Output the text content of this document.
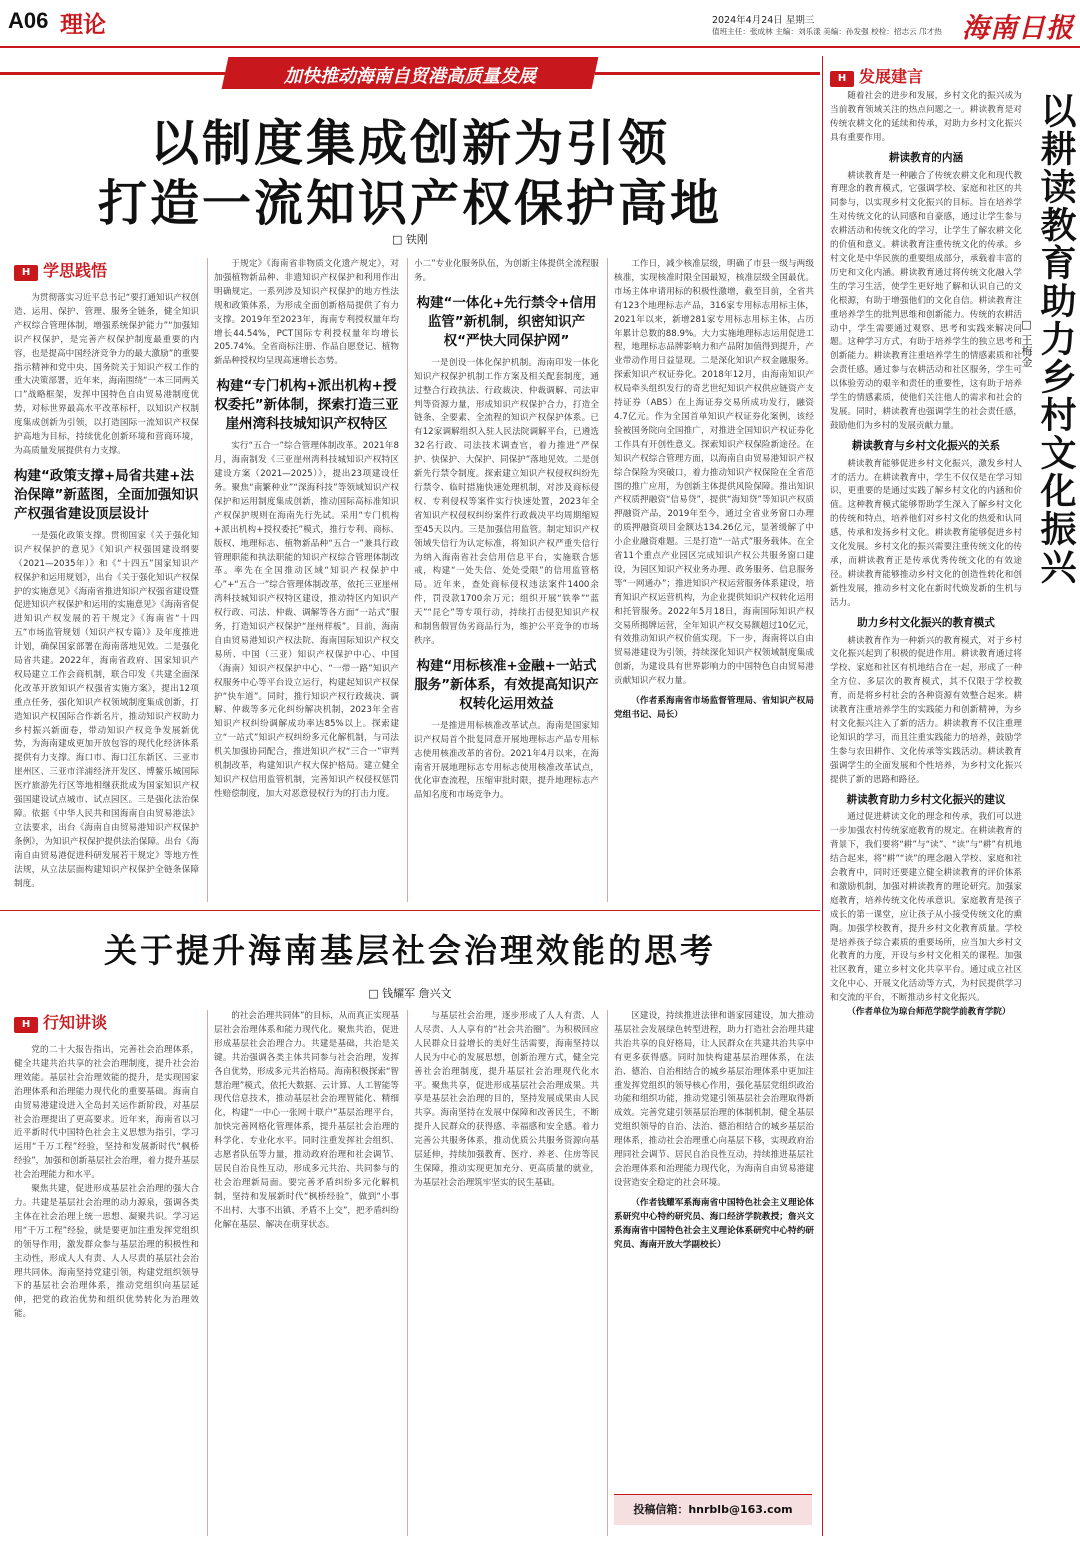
A06 理论	2024年4月24日 星期三
值班主任：张成林 主编：刘乐漾 美编：孙发强 校检：招志云 邝才热 海南日报
加快推动海南自贸港高质量发展
以制度集成创新为引领
打造一流知识产权保护高地
□ 铁刚
H 学思践悟

为贯彻落实习近平总书记“要打通知识产权创造、运用、保护、管理、服务全链条，健全知识产权综合管理体制，增强系统保护能力”“加强知识产权保护，是完善产权保护制度最重要的内容，也是提高中国经济竞争力的最大激励”的重要指示精神和党中央、国务院关于知识产权工作的重大决策部署，近年来，海南围绕“一本三同两关口”战略框架，发挥中国特色自由贸易港制度优势，对标世界最高水平改革标杆，以知识产权制度集成创新为引领，以打造国际一流知识产权保护高地为目标，持续优化创新环境和营商环境，为高质量发展提供有力支撑。

构建“政策支撑+局省共建+法治保障”新蓝图，全面加强知识产权强省建设顶层设计

一是强化政策支撑。贯彻国家《关于强化知识产权保护的意见》《知识产权强国建设纲要（2021—2035年）》和《“十四五”国家知识产权保护和运用规划》，出台《关于强化知识产权保护的实施意见》《海南省推进知识产权强省建设暨促进知识产权保护和运用的实施意见》《海南省促进知识产权发展的若干规定》《海南省“十四五”市场监管规划（知识产权专篇）》及年度推进计划，确保国家部署在海南落地见效。二是强化局省共建。2022年，海南省政府、国家知识产权局建立工作会商机制，联合印发《共建全面深化改革开放知识产权强省实施方案》，提出12项重点任务，强化知识产权领域制度集成创新，打造知识产权国际合作新名片，推动知识产权助力乡村振兴新面卷，带动知识产权竞争发展新优势，为海南建成更加开放包容的现代化经济体系提供有力支撑。海口市、海口江东新区、三亚市崖州区、三亚市洋浦经济开发区、博鳌乐城国际医疗旅游先行区等地相继获批成为国家知识产权强国建设试点城市、试点园区。三是强化法治保障。依据《中华人民共和国海南自由贸易港法》立法要求，出台《海南自由贸易港知识产权保护条例》，为知识产权保护提供法治保障。出台《海南自由贸易港促进科研发展若干规定》等地方性法规，从立法层面构建知识产权保护全链条保障制度。

于规定》《海南省非物质文化遗产规定》，对加强植物新品种、非遗知识产权保护和利用作出明确规定。一系列涉及知识产权保护的地方性法规和政策体系，为形成全面创新格局提供了有力支撑。2019年至2023年，海南专利授权量年均增长44.54%，PCT国际专利授权量年均增长205.74%。全省商标注册、作品自愿登记、植物新品种授权均呈现高速增长态势。

构建“专门机构+派出机构+授权委托”新体制，探索打造三亚崖州湾科技城知识产权特区

实行“五合一”综合管理体制改革。2021年8月，海南制发《三亚崖州湾科技城知识产权特区建设方案（2021—2025）》，提出23项建设任务。聚焦“南繁种业”“深海科技”等领域知识产权保护和运用制度集成创新，推动国际高标准知识产权保护规则在海南先行先试。采用“专门机构+派出机构+授权委托”模式，推行专利、商标、版权、地理标志、植物新品种“五合一”兼具行政管理职能和执法职能的知识产权综合管理体制改革。率先在全国推动区域“知识产权保护中心”+“五合一”综合管理体制改革，依托三亚崖州湾科技城知识产权特区建设，推动特区内知识产权行政、司法、仲裁、调解等各方面“一站式”服务，打造知识产权保护“崖州样板”。目前，海南自由贸易港知识产权法院、海南国际知识产权交易所、中国（三亚）知识产权保护中心、中国（海南）知识产权保护中心、“一带一路”知识产权服务中心等平台设立运行，构建起知识产权保护“快车道”。同时，推行知识产权行政裁决、调解、仲裁等多元化纠纷解决机制，2023年全省知识产权纠纷调解成功率达85%以上。探索建立“一站式”知识产权纠纷多元化解机制，与司法机关加强协同配合，推进知识产权“三合一”审判机制改革，构建知识产权大保护格局。建立健全知识产权信用监管机制，完善知识产权侵权惩罚性赔偿制度，加大对恶意侵权行为的打击力度。

小二”专业化服务队伍，为创新主体提供全流程服务。

构建“一体化+先行禁令+信用监管”新机制，织密知识产权“严快大同保护网”

一是创设一体化保护机制。海南印发一体化知识产权保护机制工作方案及相关配套制度，通过整合行政执法、行政裁决、仲裁调解、司法审判等资源力量，形成知识产权保护合力，打造全链条、全要素、全流程的知识产权保护体系。已有12家调解组织入驻人民法院调解平台，已遴选32名行政、司法技术调查官，着力推进“严保护、快保护、大保护、同保护”落地见效。二是创新先行禁令制度。探索建立知识产权侵权纠纷先行禁令、临时措施快速处理机制，对涉及商标侵权、专利侵权等案件实行快速处置，2023年全省知识产权侵权纠纷案件行政裁决平均周期缩短至45天以内。三是加强信用监管。制定知识产权领域失信行为认定标准，将知识产权严重失信行为纳入海南省社会信用信息平台，实施联合惩戒，构建“一处失信、处处受限”的信用监管格局。近年来，查处商标侵权违法案件1400余件，罚没款1700余万元；组织开展“铁拳”“蓝天”“昆仑”等专项行动，持续打击侵犯知识产权和制售假冒伪劣商品行为，维护公平竞争的市场秩序。

构建“用标核准+金融+一站式服务”新体系，有效提高知识产权转化运用效益

一是推进用标核准改革试点。海南是国家知识产权局首个批复同意开展地理标志产品专用标志使用核准改革的省份。2021年4月以来，在海南省开展地理标志专用标志使用核准改革试点，优化审查流程，压缩审批时限，提升地理标志产品知名度和市场竞争力。

工作日，减少核准层级，明确了市县一级与两级核准，实现核准时限全国最短，核准层级全国最优。市场主体申请用标的积极性激增，截至目前，全省共有123个地理标志产品，316家专用标志用标主体，2021年以来，新增281家专用标志用标主体，占历年累计总数的88.9%。大力实施地理标志运用促进工程，地理标志品牌影响力和产品附加值得到提升，产业带动作用日益显现。二是深化知识产权金融服务。探索知识产权证券化。2018年12月，由海南知识产权局牵头组织发行的奇艺世纪知识产权供应链资产支持证券（ABS）在上海证券交易所成功发行，融资4.7亿元。作为全国首单知识产权证券化案例，该经验被国务院向全国推广，对推进全国知识产权证券化工作具有开创性意义。探索知识产权保险新途径。在知识产权综合管理方面，以海南自由贸易港知识产权综合保险为突破口，着力推动知识产权保险在全省范围的推广应用，为创新主体提供风险保障。推出知识产权质押融资“信易贷”，提供“海知贷”等知识产权质押融资产品，2019年至今，通过全省业务窗口办理的质押融资项目金额达134.26亿元，显著缓解了中小企业融资难题。三是打造“一站式”服务载体。在全省11个重点产业园区完成知识产权公共服务窗口建设，为园区知识产权业务办理、政务服务、信息服务等“一网通办”；推进知识产权运营服务体系建设，培育知识产权运营机构，为企业提供知识产权转化运用和托管服务。2022年5月18日，海南国际知识产权交易所揭牌运营，全年知识产权交易额超过10亿元，有效推动知识产权价值实现。下一步，海南将以自由贸易港建设为引领，持续深化知识产权领域制度集成创新，为建设具有世界影响力的中国特色自由贸易港贡献知识产权力量。

（作者系海南省市场监督管理局、省知识产权局党组书记、局长）

关于提升海南基层社会治理效能的思考
□ 钱耀军 詹兴文
H 行知讲谈

党的二十大报告指出，完善社会治理体系，健全共建共治共享的社会治理制度，提升社会治理效能。基层社会治理效能的提升，是实现国家治理体系和治理能力现代化的重要基础。海南自由贸易港建设进入全岛封关运作新阶段，对基层社会治理提出了更高要求。近年来，海南省以习近平新时代中国特色社会主义思想为指引，学习运用“千万工程”经验，坚持和发展新时代“枫桥经验”，加强和创新基层社会治理，着力提升基层社会治理能力和水平。

聚焦共建，促进形成基层社会治理的强大合力。共建是基层社会治理的动力源泉，强调各类主体在社会治理上统一思想、凝聚共识。学习运用“千万工程”经验，就是要更加注重发挥党组织的领导作用，激发群众参与基层治理的积极性和主动性，形成人人有责、人人尽责的基层社会治理共同体。海南坚持党建引领，构建党组织领导下的基层社会治理体系，推动党组织向基层延伸，把党的政治优势和组织优势转化为治理效能。

的社会治理共同体”的目标，从而真正实现基层社会治理体系和能力现代化。聚焦共治，促进形成基层社会治理合力。共建是基础，共治是关键。共治强调各类主体共同参与社会治理，发挥各自优势，形成多元共治格局。海南积极探索“智慧治理”模式，依托大数据、云计算、人工智能等现代信息技术，推动基层社会治理智能化、精细化，构建“一中心一张网十联户”基层治理平台，加快完善网格化管理体系，提升基层社会治理的科学化、专业化水平。同时注重发挥社会组织、志愿者队伍等力量，推动政府治理和社会调节、居民自治良性互动，形成多元共治、共同参与的社会治理新局面。要完善矛盾纠纷多元化解机制，坚持和发展新时代“枫桥经验”，做到“小事不出村、大事不出镇、矛盾不上交”，把矛盾纠纷化解在基层、解决在萌芽状态。

与基层社会治理，逐步形成了人人有责、人人尽责、人人享有的“社会共治圈”。为积极回应人民群众日益增长的美好生活需要，海南坚持以人民为中心的发展思想，创新治理方式，健全完善社会治理制度，提升基层社会治理现代化水平。聚焦共享，促进形成基层社会治理成果。共享是基层社会治理的目的，坚持发展成果由人民共享。海南坚持在发展中保障和改善民生，不断提升人民群众的获得感、幸福感和安全感。着力完善公共服务体系，推动优质公共服务资源向基层延伸，持续加强教育、医疗、养老、住房等民生保障，推动实现更加充分、更高质量的就业，为基层社会治理筑牢坚实的民生基础。

区建设，持续推进法律和谐家园建设，加大推动基层社会发展绿色转型进程，助力打造社会治理共建共治共享的良好格局，让人民群众在共建共治共享中有更多获得感。同时加快构建基层治理体系，在法治、德治、自治相结合的城乡基层治理体系中更加注重发挥党组织的领导核心作用，强化基层党组织政治功能和组织功能，推动党建引领基层社会治理取得新成效。完善党建引领基层治理的体制机制，健全基层党组织领导的自治、法治、德治相结合的城乡基层治理体系，推动社会治理重心向基层下移，实现政府治理同社会调节、居民自治良性互动，持续推进基层社会治理体系和治理能力现代化，为海南自由贸易港建设营造安全稳定的社会环境。

（作者钱耀军系海南省中国特色社会主义理论体系研究中心特约研究员、海口经济学院教授；詹兴文系海南省中国特色社会主义理论体系研究中心特约研究员、海南开放大学副校长）

投稿信箱：hnrblb@163.com
H 发展建言

随着社会的进步和发展，乡村文化的振兴成为当前教育领域关注的热点问题之一。耕读教育是对传统农耕文化的延续和传承，对助力乡村文化振兴具有重要作用。

耕读教育的内涵

耕读教育是一种融合了传统农耕文化和现代教育理念的教育模式，它强调学校、家庭和社区的共同参与，以实现乡村文化振兴的目标。旨在培养学生对传统文化的认同感和自豪感，通过让学生参与农耕活动和传统文化的学习，让学生了解农耕文化的价值和意义。耕读教育注重传统文化的传承。乡村文化是中华民族的重要组成部分，承载着丰富的历史和文化内涵。耕读教育通过将传统文化融入学生的学习生活，使学生更好地了解和认识自己的文化根源，有助于增强他们的文化自信。耕读教育注重培养学生的批判思维和创新能力。传统的农耕活动中，学生需要通过观察、思考和实践来解决问题。这种学习方式，有助于培养学生的独立思考和创新能力。耕读教育注重培养学生的情感素质和社会责任感。通过参与农耕活动和社区服务，学生可以体验劳动的艰辛和责任的重要性，这有助于培养学生的情感素质，使他们关注他人的需求和社会的发展。同时，耕读教育也强调学生的社会责任感，鼓励他们为乡村的发展贡献力量。

耕读教育与乡村文化振兴的关系

耕读教育能够促进乡村文化振兴，激发乡村人才的活力。在耕读教育中，学生不仅仅是在学习知识，更重要的是通过实践了解乡村文化的内涵和价值。这种教育模式能够帮助学生深入了解乡村文化的传统和特点，培养他们对乡村文化的热爱和认同感，传承和发扬乡村文化。耕读教育能够促进乡村文化发展。乡村文化的振兴需要注重传统文化的传承，而耕读教育正是传承优秀传统文化的有效途径。耕读教育能够推动乡村文化的创造性转化和创新性发展，推动乡村文化在新时代焕发新的生机与活力。

助力乡村文化振兴的教育模式

耕读教育作为一种新兴的教育模式，对于乡村文化振兴起到了积极的促进作用。耕读教育通过将学校、家庭和社区有机地结合在一起，形成了一种全方位、多层次的教育模式，其不仅限于学校教育，而是将乡村社会的各种资源有效整合起来。耕读教育注重培养学生的实践能力和创新精神，为乡村文化振兴注入了新的活力。耕读教育不仅注重理论知识的学习，而且注重实践能力的培养，鼓励学生参与农田耕作、文化传承等实践活动。耕读教育强调学生的全面发展和个性培养，为乡村文化振兴提供了新的思路和路径。

耕读教育助力乡村文化振兴的建议

通过促进耕读文化的理念和传承，我们可以进一步加强农村传统家庭教育的规定。在耕读教育的背景下，我们要将“耕”与“读”、“读”与“耕”有机地结合起来，将“耕”“读”的理念融入学校、家庭和社会教育中，同时还要建立健全耕读教育的评价体系和激励机制，加强对耕读教育的理论研究。加强家庭教育，培养传统文化传承意识。家庭教育是孩子成长的第一课堂，应让孩子从小接受传统文化的熏陶。加强学校教育，提升乡村文化教育质量。学校是培养孩子综合素质的重要场所，应当加大乡村文化教育的力度，开设与乡村文化相关的课程。加强社区教育，建立乡村文化共享平台。通过成立社区文化中心、开展文化活动等方式，为村民提供学习和交流的平台，不断推动乡村文化振兴。

（作者单位为琼台师范学院学前教育学院）

以耕读教育助力乡村文化振兴
□ 王梅金
